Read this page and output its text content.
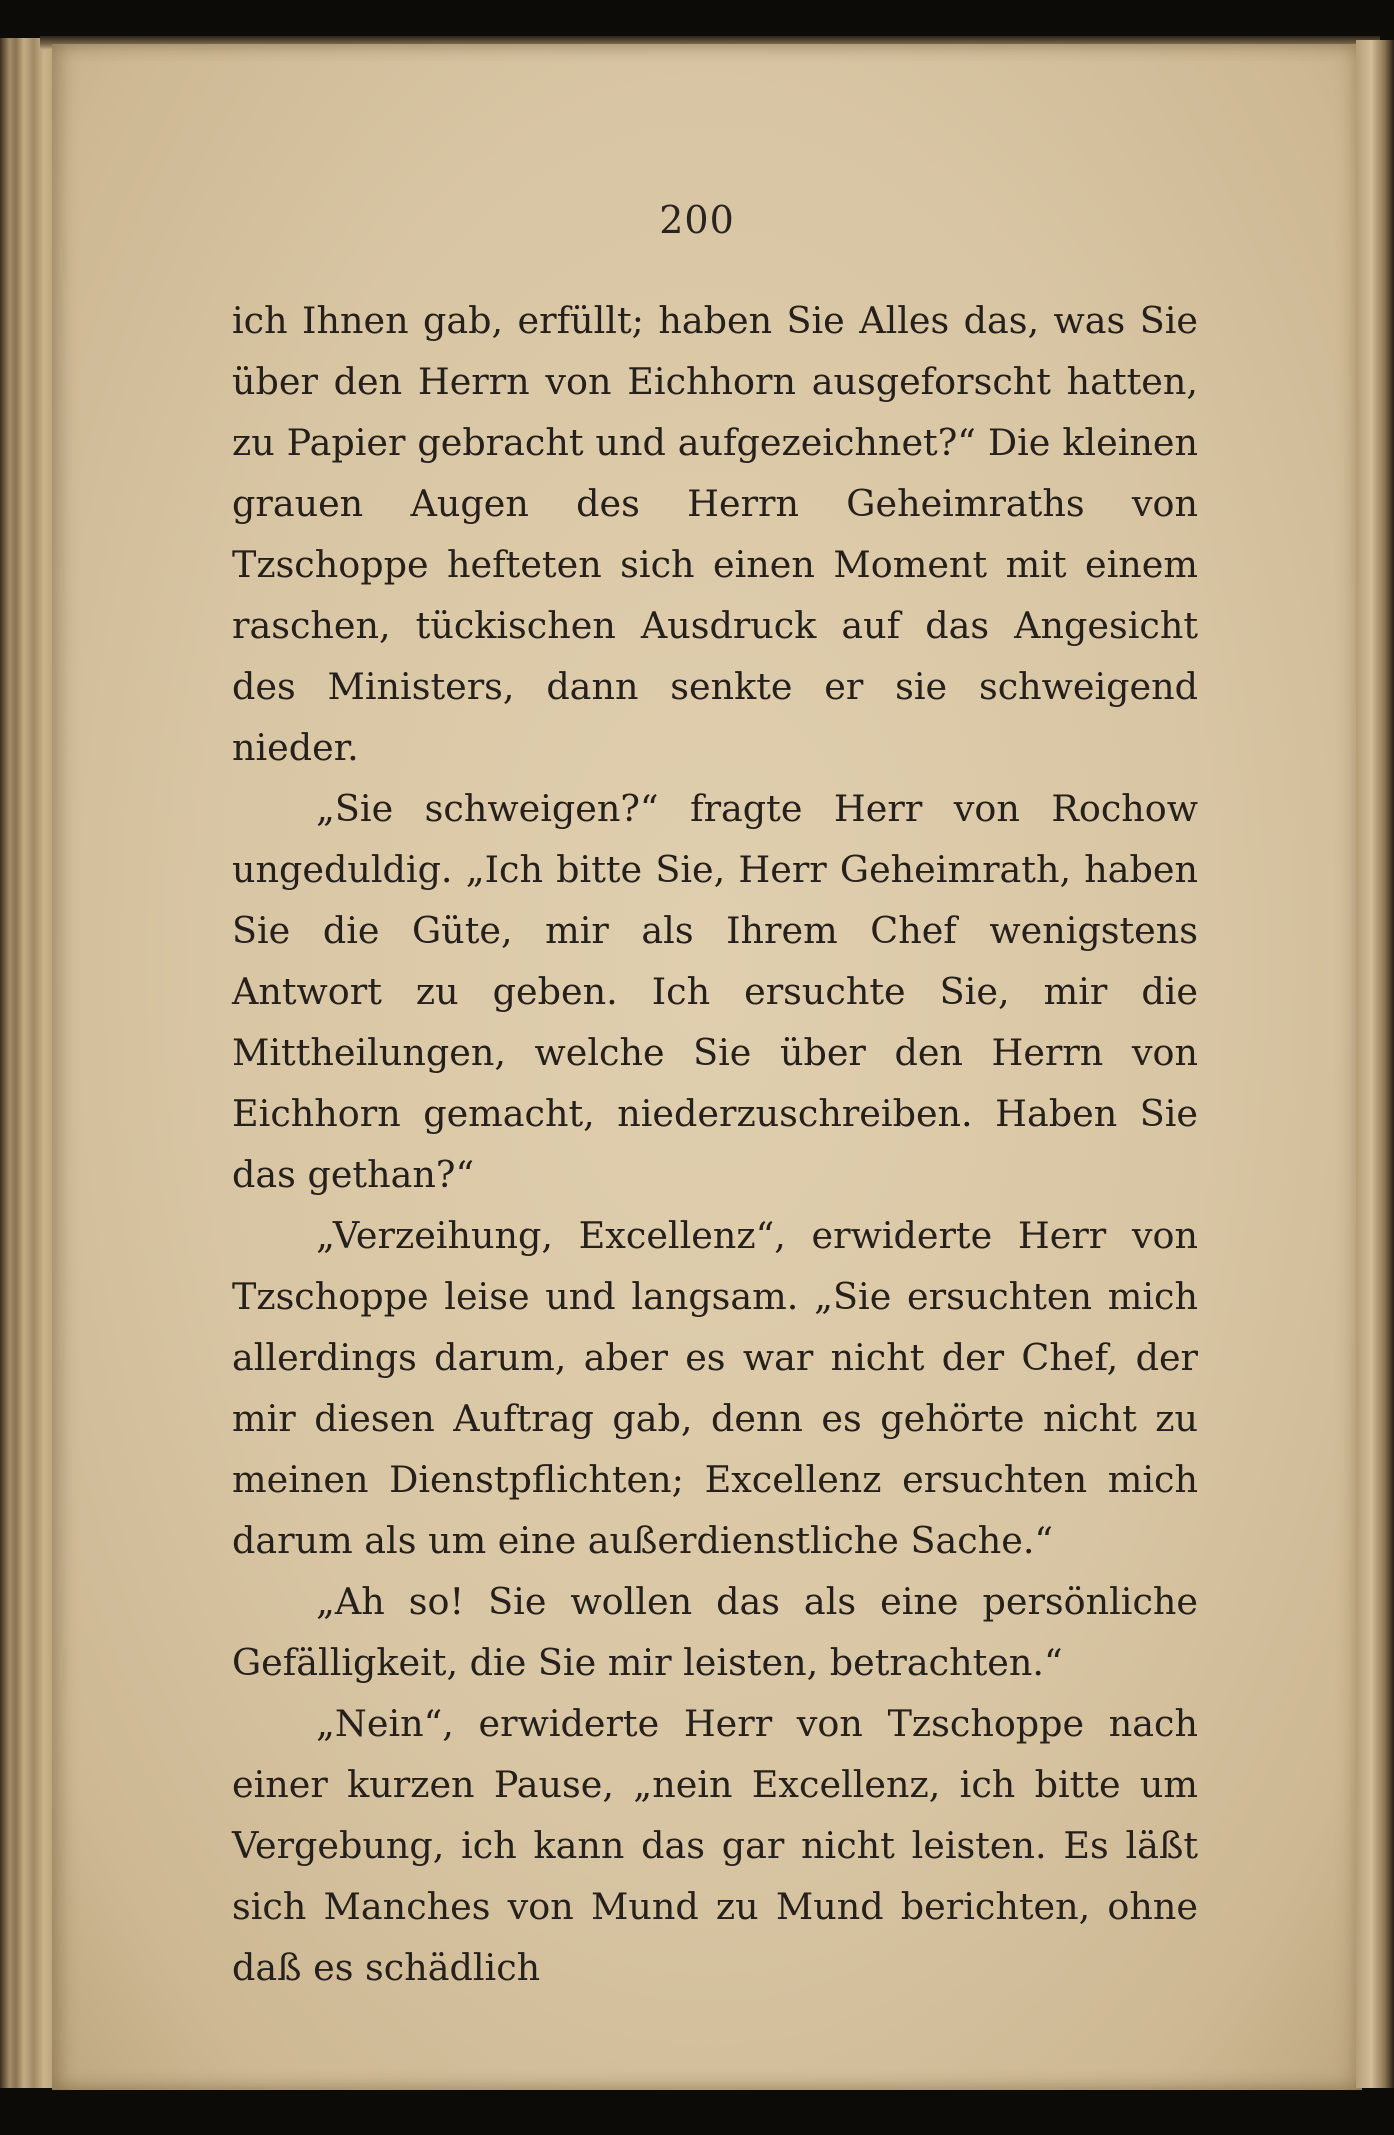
200

ich Ihnen gab, erfüllt; haben Sie Alles das, was Sie über den Herrn von Eichhorn ausgeforscht hatten, zu Papier gebracht und aufgezeichnet?“ Die kleinen grauen Augen des Herrn Geheimraths von Tzschoppe hefteten sich einen Moment mit einem raschen, tückischen Ausdruck auf das Angesicht des Ministers, dann senkte er sie schweigend nieder.

„Sie schweigen?“ fragte Herr von Rochow ungeduldig. „Ich bitte Sie, Herr Geheimrath, haben Sie die Güte, mir als Ihrem Chef wenigstens Antwort zu geben. Ich ersuchte Sie, mir die Mittheilungen, welche Sie über den Herrn von Eichhorn gemacht, niederzuschreiben. Haben Sie das gethan?“

„Verzeihung, Excellenz“, erwiderte Herr von Tzschoppe leise und langsam. „Sie ersuchten mich allerdings darum, aber es war nicht der Chef, der mir diesen Auftrag gab, denn es gehörte nicht zu meinen Dienstpflichten; Excellenz ersuchten mich darum als um eine außerdienstliche Sache.“

„Ah so! Sie wollen das als eine persönliche Gefälligkeit, die Sie mir leisten, betrachten.“

„Nein“, erwiderte Herr von Tzschoppe nach einer kurzen Pause, „nein Excellenz, ich bitte um Vergebung, ich kann das gar nicht leisten. Es läßt sich Manches von Mund zu Mund berichten, ohne daß es schädlich
